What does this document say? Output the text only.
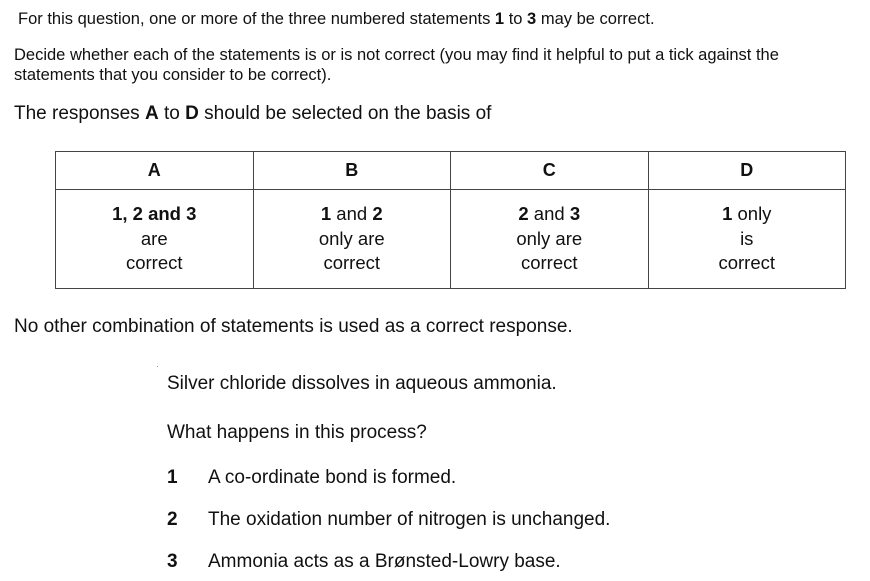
For this question, one or more of the three numbered statements 1 to 3 may be correct.
Decide whether each of the statements is or is not correct (you may find it helpful to put a tick against the statements that you consider to be correct).
The responses A to D should be selected on the basis of
A	B	C	D
1, 2 and 3
are
correct	1 and 2
only are
correct	2 and 3
only are
correct	1 only
is
correct
No other combination of statements is used as a correct response.
Silver chloride dissolves in aqueous ammonia.
What happens in this process?
1 A co-ordinate bond is formed.
2 The oxidation number of nitrogen is unchanged.
3 Ammonia acts as a Brønsted-Lowry base.
